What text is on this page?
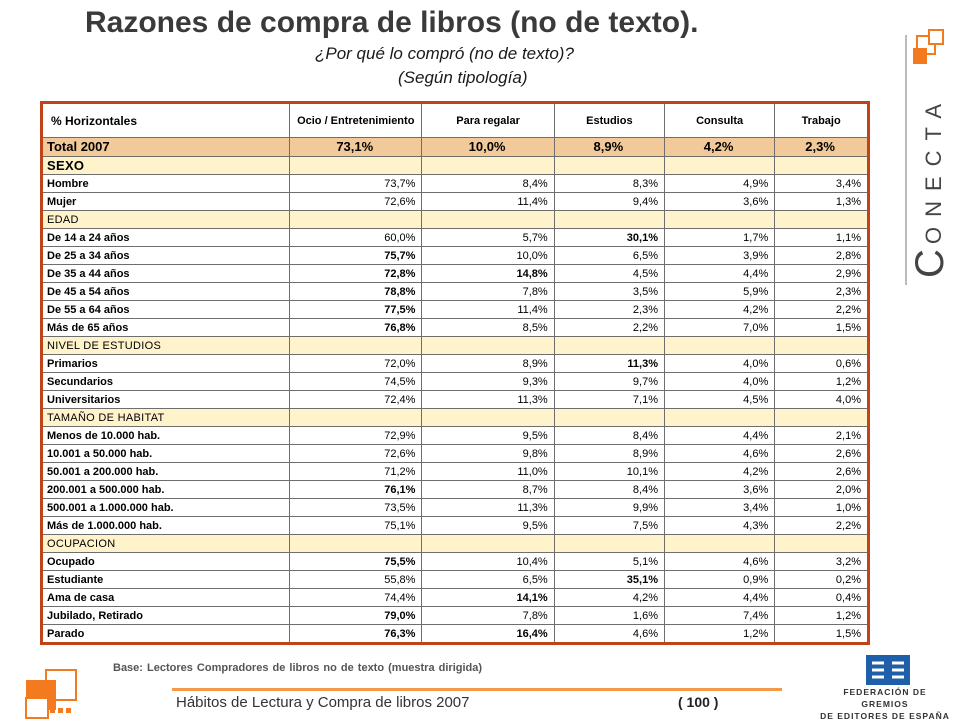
Razones de compra de libros (no de texto).
¿Por qué lo compró (no de texto)?
(Según tipología)
C
ONECTA
% Horizontales	Ocio / Entretenimiento	Para regalar	Estudios	Consulta	Trabajo
Total 2007	73,1%	10,0%	8,9%	4,2%	2,3%
SEXO					
Hombre	73,7%	8,4%	8,3%	4,9%	3,4%
Mujer	72,6%	11,4%	9,4%	3,6%	1,3%
EDAD					
De 14 a 24 años	60,0%	5,7%	30,1%	1,7%	1,1%
De 25 a 34 años	75,7%	10,0%	6,5%	3,9%	2,8%
De 35 a 44 años	72,8%	14,8%	4,5%	4,4%	2,9%
De 45 a 54 años	78,8%	7,8%	3,5%	5,9%	2,3%
De 55 a 64 años	77,5%	11,4%	2,3%	4,2%	2,2%
Más de 65 años	76,8%	8,5%	2,2%	7,0%	1,5%
NIVEL DE ESTUDIOS					
Primarios	72,0%	8,9%	11,3%	4,0%	0,6%
Secundarios	74,5%	9,3%	9,7%	4,0%	1,2%
Universitarios	72,4%	11,3%	7,1%	4,5%	4,0%
TAMAÑO DE HABITAT					
Menos de 10.000 hab.	72,9%	9,5%	8,4%	4,4%	2,1%
10.001 a 50.000 hab.	72,6%	9,8%	8,9%	4,6%	2,6%
50.001 a 200.000 hab.	71,2%	11,0%	10,1%	4,2%	2,6%
200.001 a 500.000 hab.	76,1%	8,7%	8,4%	3,6%	2,0%
500.001 a 1.000.000 hab.	73,5%	11,3%	9,9%	3,4%	1,0%
Más de 1.000.000 hab.	75,1%	9,5%	7,5%	4,3%	2,2%
OCUPACION					
Ocupado	75,5%	10,4%	5,1%	4,6%	3,2%
Estudiante	55,8%	6,5%	35,1%	0,9%	0,2%
Ama de casa	74,4%	14,1%	4,2%	4,4%	0,4%
Jubilado, Retirado	79,0%	7,8%	1,6%	7,4%	1,2%
Parado	76,3%	16,4%	4,6%	1,2%	1,5%
Base: Lectores Compradores de libros no de texto (muestra dirigida)
Hábitos de Lectura y Compra de libros 2007	( 100 )
FEDERACIÓN DE GREMIOS
DE EDITORES DE ESPAÑA
